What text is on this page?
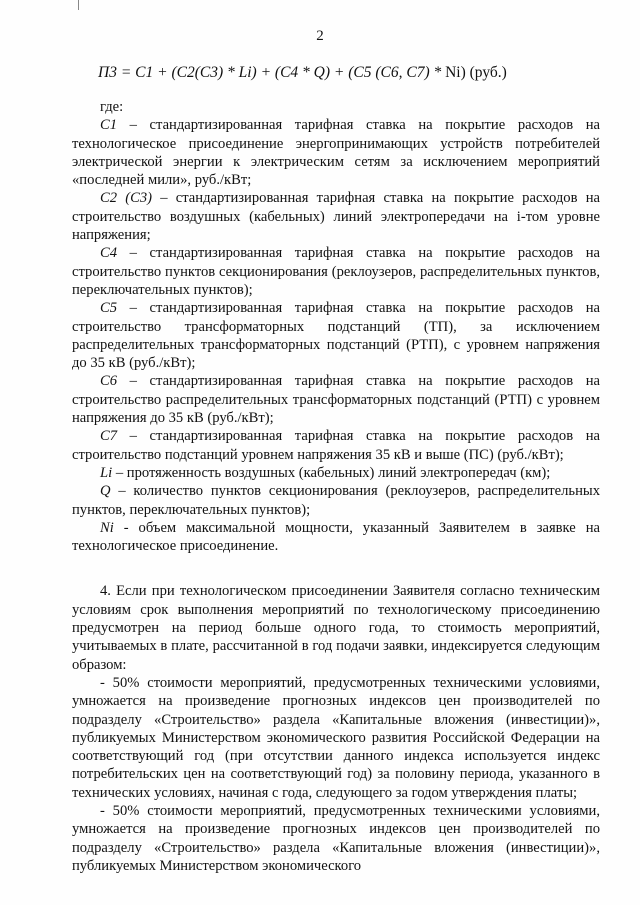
2
П3 = С1 + (С2(С3) * Li) + (С4 * Q) + (С5 (С6, С7) * Ni) (руб.)

где:

С1 – стандартизированная тарифная ставка на покрытие расходов на технологическое присоединение энергопринимающих устройств потребителей электрической энергии к электрическим сетям за исключением мероприятий «последней мили», руб./кВт;

С2 (С3) – стандартизированная тарифная ставка на покрытие расходов на строительство воздушных (кабельных) линий электропередачи на i-том уровне напряжения;

С4 – стандартизированная тарифная ставка на покрытие расходов на строительство пунктов секционирования (реклоузеров, распределительных пунктов, переключательных пунктов);

С5 – стандартизированная тарифная ставка на покрытие расходов на строительство трансформаторных подстанций (ТП), за исключением распределительных трансформаторных подстанций (РТП), с уровнем напряжения до 35 кВ (руб./кВт);

С6 – стандартизированная тарифная ставка на покрытие расходов на строительство распределительных трансформаторных подстанций (РТП) с уровнем напряжения до 35 кВ (руб./кВт);

С7 – стандартизированная тарифная ставка на покрытие расходов на строительство подстанций уровнем напряжения 35 кВ и выше (ПС) (руб./кВт);

Li – протяженность воздушных (кабельных) линий электропередач (км);

Q – количество пунктов секционирования (реклоузеров, распределительных пунктов, переключательных пунктов);

Ni - объем максимальной мощности, указанный Заявителем в заявке на технологическое присоединение.

4. Если при технологическом присоединении Заявителя согласно техническим условиям срок выполнения мероприятий по технологическому присоединению предусмотрен на период больше одного года, то стоимость мероприятий, учитываемых в плате, рассчитанной в год подачи заявки, индексируется следующим образом:

- 50% стоимости мероприятий, предусмотренных техническими условиями, умножается на произведение прогнозных индексов цен производителей по подразделу «Строительство» раздела «Капитальные вложения (инвестиции)», публикуемых Министерством экономического развития Российской Федерации на соответствующий год (при отсутствии данного индекса используется индекс потребительских цен на соответствующий год) за половину периода, указанного в технических условиях, начиная с года, следующего за годом утверждения платы;

- 50% стоимости мероприятий, предусмотренных техническими условиями, умножается на произведение прогнозных индексов цен производителей по подразделу «Строительство» раздела «Капитальные вложения (инвестиции)», публикуемых Министерством экономического
